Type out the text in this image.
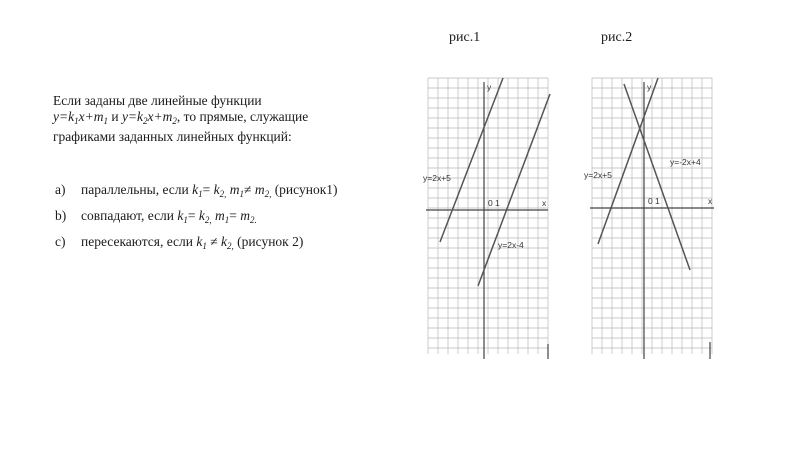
рис.1	рис.2
Если заданы две линейные функции
$y=k_1x+m_1$ и $y=k_2x+m_2$, то прямые, служащие
графиками заданных линейных функций:
a) параллельны, если $k_1= k_{2,}$ $m_1\ne m_{2,}$ (рисунок1)
b) совпадают, если $k_1= k_{2,}$ $m_1= m_{2.}$
c) пересекаются, если $k_1 \ne k_{2,}$ (рисунок 2)
y
x
0 1
y=2x+5
y=2x-4
y
x
0 1
y=2x+5
y=-2x+4
